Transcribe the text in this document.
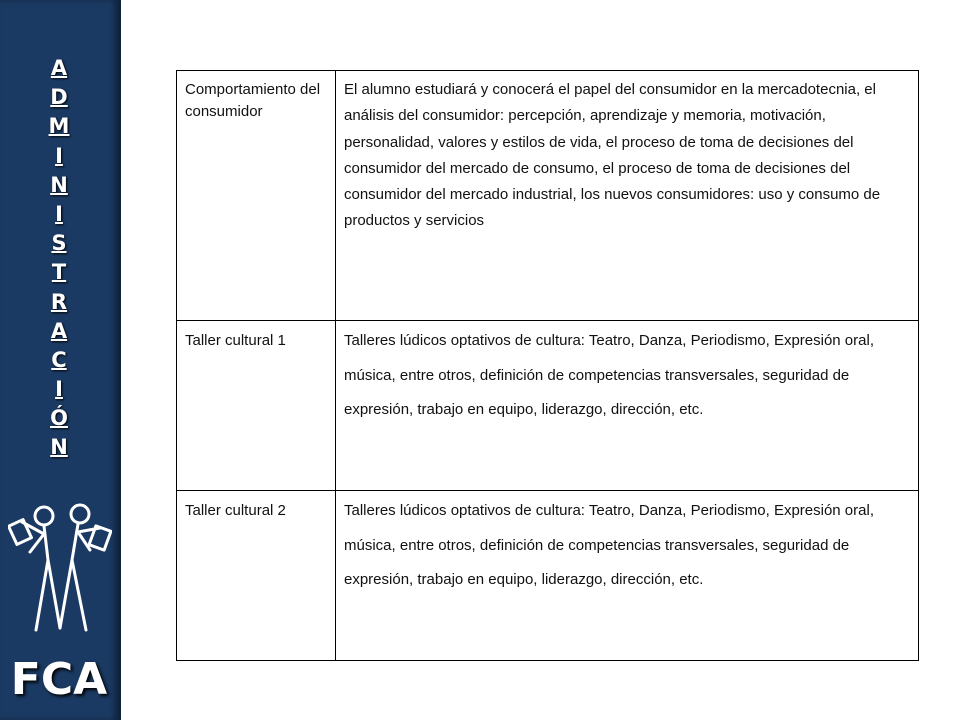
A
D
M
I
N
I
S
T
R
A
C
I
Ó
N
FCA
Comportamiento del consumidor	El alumno estudiará y conocerá el papel del consumidor en la mercadotecnia, el análisis del consumidor: percepción, aprendizaje y memoria, motivación, personalidad, valores y estilos de vida, el proceso de toma de decisiones del consumidor del mercado de consumo, el proceso de toma de decisiones del consumidor del mercado industrial, los nuevos consumidores: uso y consumo de productos y servicios
Taller cultural 1	Talleres lúdicos optativos de cultura: Teatro, Danza, Periodismo, Expresión oral, música, entre otros, definición de competencias transversales, seguridad de expresión, trabajo en equipo, liderazgo, dirección, etc.
Taller cultural 2	Talleres lúdicos optativos de cultura: Teatro, Danza, Periodismo, Expresión oral, música, entre otros, definición de competencias transversales, seguridad de expresión, trabajo en equipo, liderazgo, dirección, etc.
